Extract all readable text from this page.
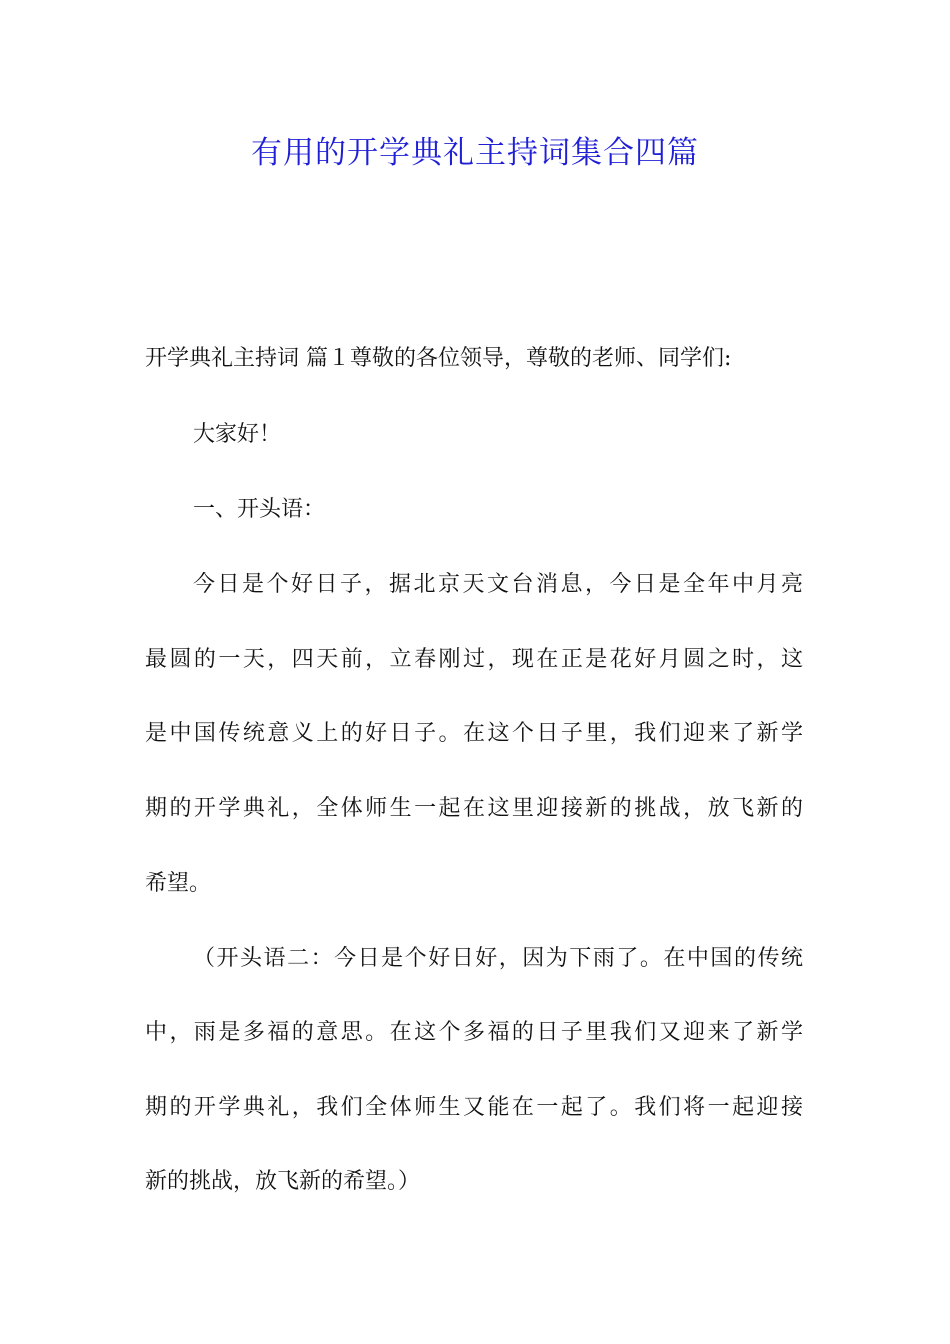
有用的开学典礼主持词集合四篇

开学典礼主持词 篇１尊敬的各位领导，尊敬的老师、同学们:

大家好！

一、开头语：

今日是个好日子，据北京天文台消息，今日是全年中月亮

最圆的一天，四天前，立春刚过，现在正是花好月圆之时，这

是中国传统意义上的好日子。在这个日子里，我们迎来了新学

期的开学典礼，全体师生一起在这里迎接新的挑战，放飞新的

希望。

（开头语二：今日是个好日好，因为下雨了。在中国的传统

中，雨是多福的意思。在这个多福的日子里我们又迎来了新学

期的开学典礼，我们全体师生又能在一起了。我们将一起迎接

新的挑战，放飞新的希望。）
